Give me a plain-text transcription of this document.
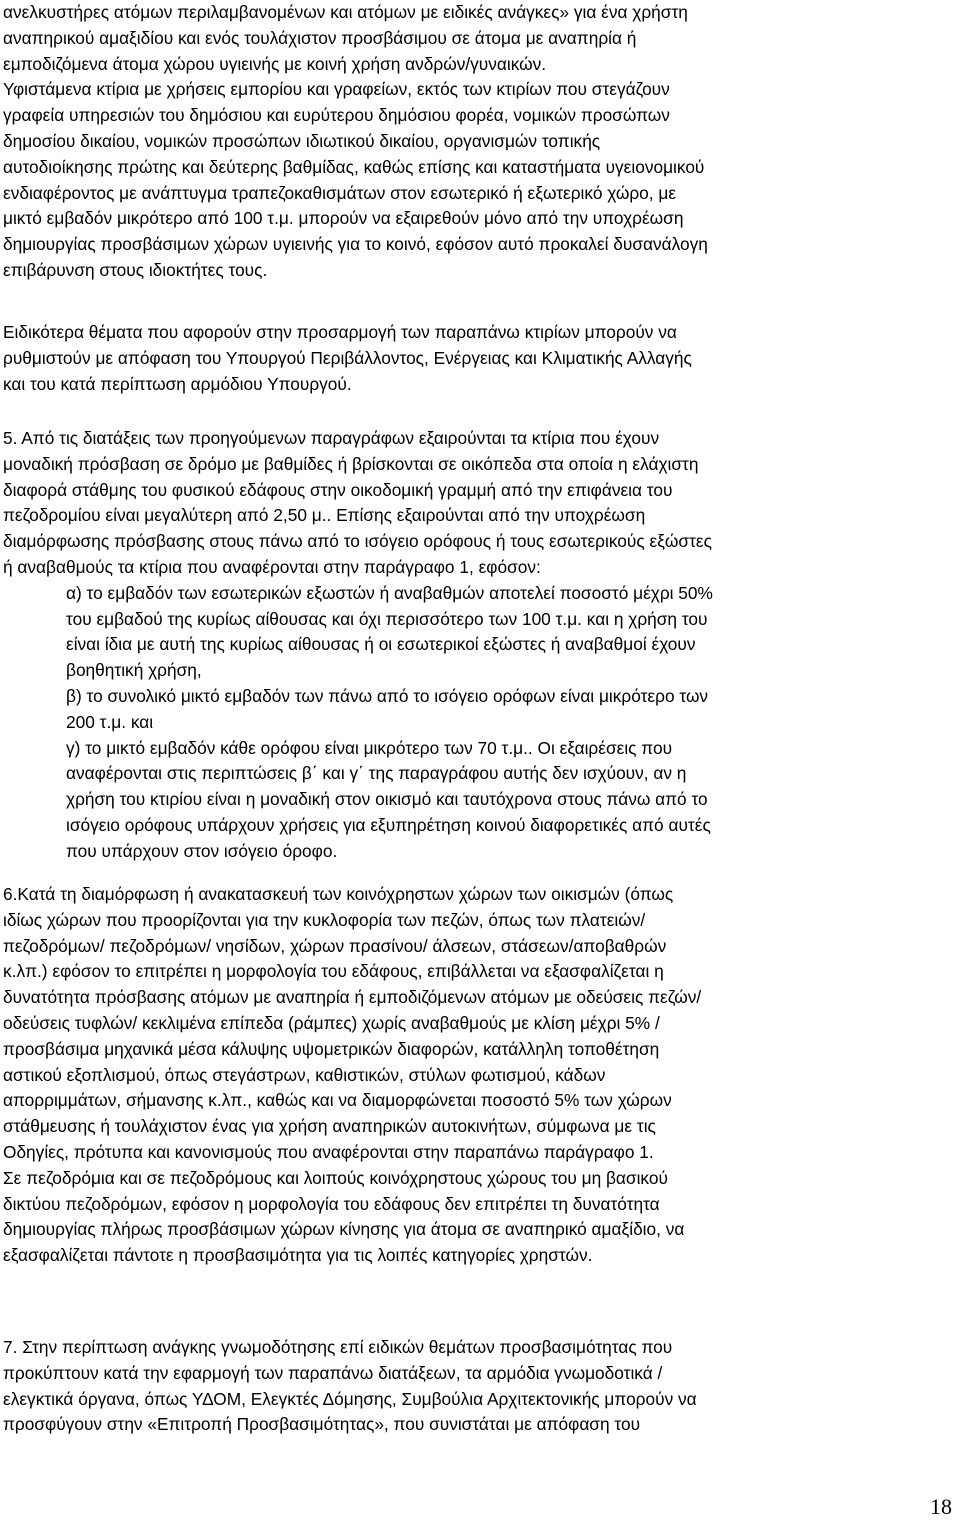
ανελκυστήρες ατόμων περιλαμβανομένων και ατόμων με ειδικές ανάγκες» για ένα χρήστη
αναπηρικού αμαξιδίου και ενός τουλάχιστον προσβάσιμου σε άτομα με αναπηρία ή
εμποδιζόμενα άτομα χώρου υγιεινής με κοινή χρήση ανδρών/γυναικών.
Υφιστάμενα κτίρια με χρήσεις εμπορίου και γραφείων, εκτός των κτιρίων που στεγάζουν
γραφεία υπηρεσιών του δημόσιου και ευρύτερου δημόσιου φορέα, νομικών προσώπων
δημοσίου δικαίου, νομικών προσώπων ιδιωτικού δικαίου, οργανισμών τοπικής
αυτοδιοίκησης πρώτης και δεύτερης βαθμίδας, καθώς επίσης και καταστήματα υγειονομικού
ενδιαφέροντος με ανάπτυγμα τραπεζοκαθισμάτων στον εσωτερικό ή εξωτερικό χώρο, με
μικτό εμβαδόν μικρότερο από 100 τ.μ. μπορούν να εξαιρεθούν μόνο από την υποχρέωση
δημιουργίας προσβάσιμων χώρων υγιεινής για το κοινό, εφόσον αυτό προκαλεί δυσανάλογη
επιβάρυνση στους ιδιοκτήτες τους.
Ειδικότερα θέματα που αφορούν στην προσαρμογή των παραπάνω κτιρίων μπορούν να
ρυθμιστούν με απόφαση του Υπουργού Περιβάλλοντος, Ενέργειας και Κλιματικής Αλλαγής
και του κατά περίπτωση αρμόδιου Υπουργού.
5. Από τις διατάξεις των προηγούμενων παραγράφων εξαιρούνται τα κτίρια που έχουν
μοναδική πρόσβαση σε δρόμο με βαθμίδες ή βρίσκονται σε οικόπεδα στα οποία η ελάχιστη
διαφορά στάθμης του φυσικού εδάφους στην οικοδομική γραμμή από την επιφάνεια του
πεζοδρομίου είναι μεγαλύτερη από 2,50 μ.. Επίσης εξαιρούνται από την υποχρέωση
διαμόρφωσης πρόσβασης στους πάνω από το ισόγειο ορόφους ή τους εσωτερικούς εξώστες
ή αναβαθμούς τα κτίρια που αναφέρονται στην παράγραφο 1, εφόσον:
α) το εμβαδόν των εσωτερικών εξωστών ή αναβαθμών αποτελεί ποσοστό μέχρι 50%
του εμβαδού της κυρίως αίθουσας και όχι περισσότερο των 100 τ.μ. και η χρήση του
είναι ίδια με αυτή της κυρίως αίθουσας ή οι εσωτερικοί εξώστες ή αναβαθμοί έχουν
βοηθητική χρήση,
β) το συνολικό μικτό εμβαδόν των πάνω από το ισόγειο ορόφων είναι μικρότερο των
200 τ.μ. και
γ) το μικτό εμβαδόν κάθε ορόφου είναι μικρότερο των 70 τ.μ.. Οι εξαιρέσεις που
αναφέρονται στις περιπτώσεις β΄ και γ΄ της παραγράφου αυτής δεν ισχύουν, αν η
χρήση του κτιρίου είναι η μοναδική στον οικισμό και ταυτόχρονα στους πάνω από το
ισόγειο ορόφους υπάρχουν χρήσεις για εξυπηρέτηση κοινού διαφορετικές από αυτές
που υπάρχουν στον ισόγειο όροφο.
6.Κατά τη διαμόρφωση ή ανακατασκευή των κοινόχρηστων χώρων των οικισμών (όπως
ιδίως χώρων που προορίζονται για την κυκλοφορία των πεζών, όπως των πλατειών/
πεζοδρόμων/ πεζοδρόμων/ νησίδων, χώρων πρασίνου/ άλσεων, στάσεων/αποβαθρών
κ.λπ.) εφόσον το επιτρέπει η μορφολογία του εδάφους, επιβάλλεται να εξασφαλίζεται η
δυνατότητα πρόσβασης ατόμων με αναπηρία ή εμποδιζόμενων ατόμων με οδεύσεις πεζών/
οδεύσεις τυφλών/ κεκλιμένα επίπεδα (ράμπες) χωρίς αναβαθμούς με κλίση μέχρι 5% /
προσβάσιμα μηχανικά μέσα κάλυψης υψομετρικών διαφορών, κατάλληλη τοποθέτηση
αστικού εξοπλισμού, όπως στεγάστρων, καθιστικών, στύλων φωτισμού, κάδων
απορριμμάτων, σήμανσης κ.λπ., καθώς και να διαμορφώνεται ποσοστό 5% των χώρων
στάθμευσης ή τουλάχιστον ένας για χρήση αναπηρικών αυτοκινήτων, σύμφωνα με τις
Οδηγίες, πρότυπα και κανονισμούς που αναφέρονται στην παραπάνω παράγραφο 1.
Σε πεζοδρόμια και σε πεζοδρόμους και λοιπούς κοινόχρηστους χώρους του μη βασικού
δικτύου πεζοδρόμων, εφόσον η μορφολογία του εδάφους δεν επιτρέπει τη δυνατότητα
δημιουργίας πλήρως προσβάσιμων χώρων κίνησης για άτομα σε αναπηρικό αμαξίδιο, να
εξασφαλίζεται πάντοτε η προσβασιμότητα για τις λοιπές κατηγορίες χρηστών.
7. Στην περίπτωση ανάγκης γνωμοδότησης επί ειδικών θεμάτων προσβασιμότητας που
προκύπτουν κατά την εφαρμογή των παραπάνω διατάξεων, τα αρμόδια γνωμοδοτικά /
ελεγκτικά όργανα, όπως ΥΔΟΜ, Ελεγκτές Δόμησης, Συμβούλια Αρχιτεκτονικής μπορούν να
προσφύγουν στην «Επιτροπή Προσβασιμότητας», που συνιστάται με απόφαση του
18
